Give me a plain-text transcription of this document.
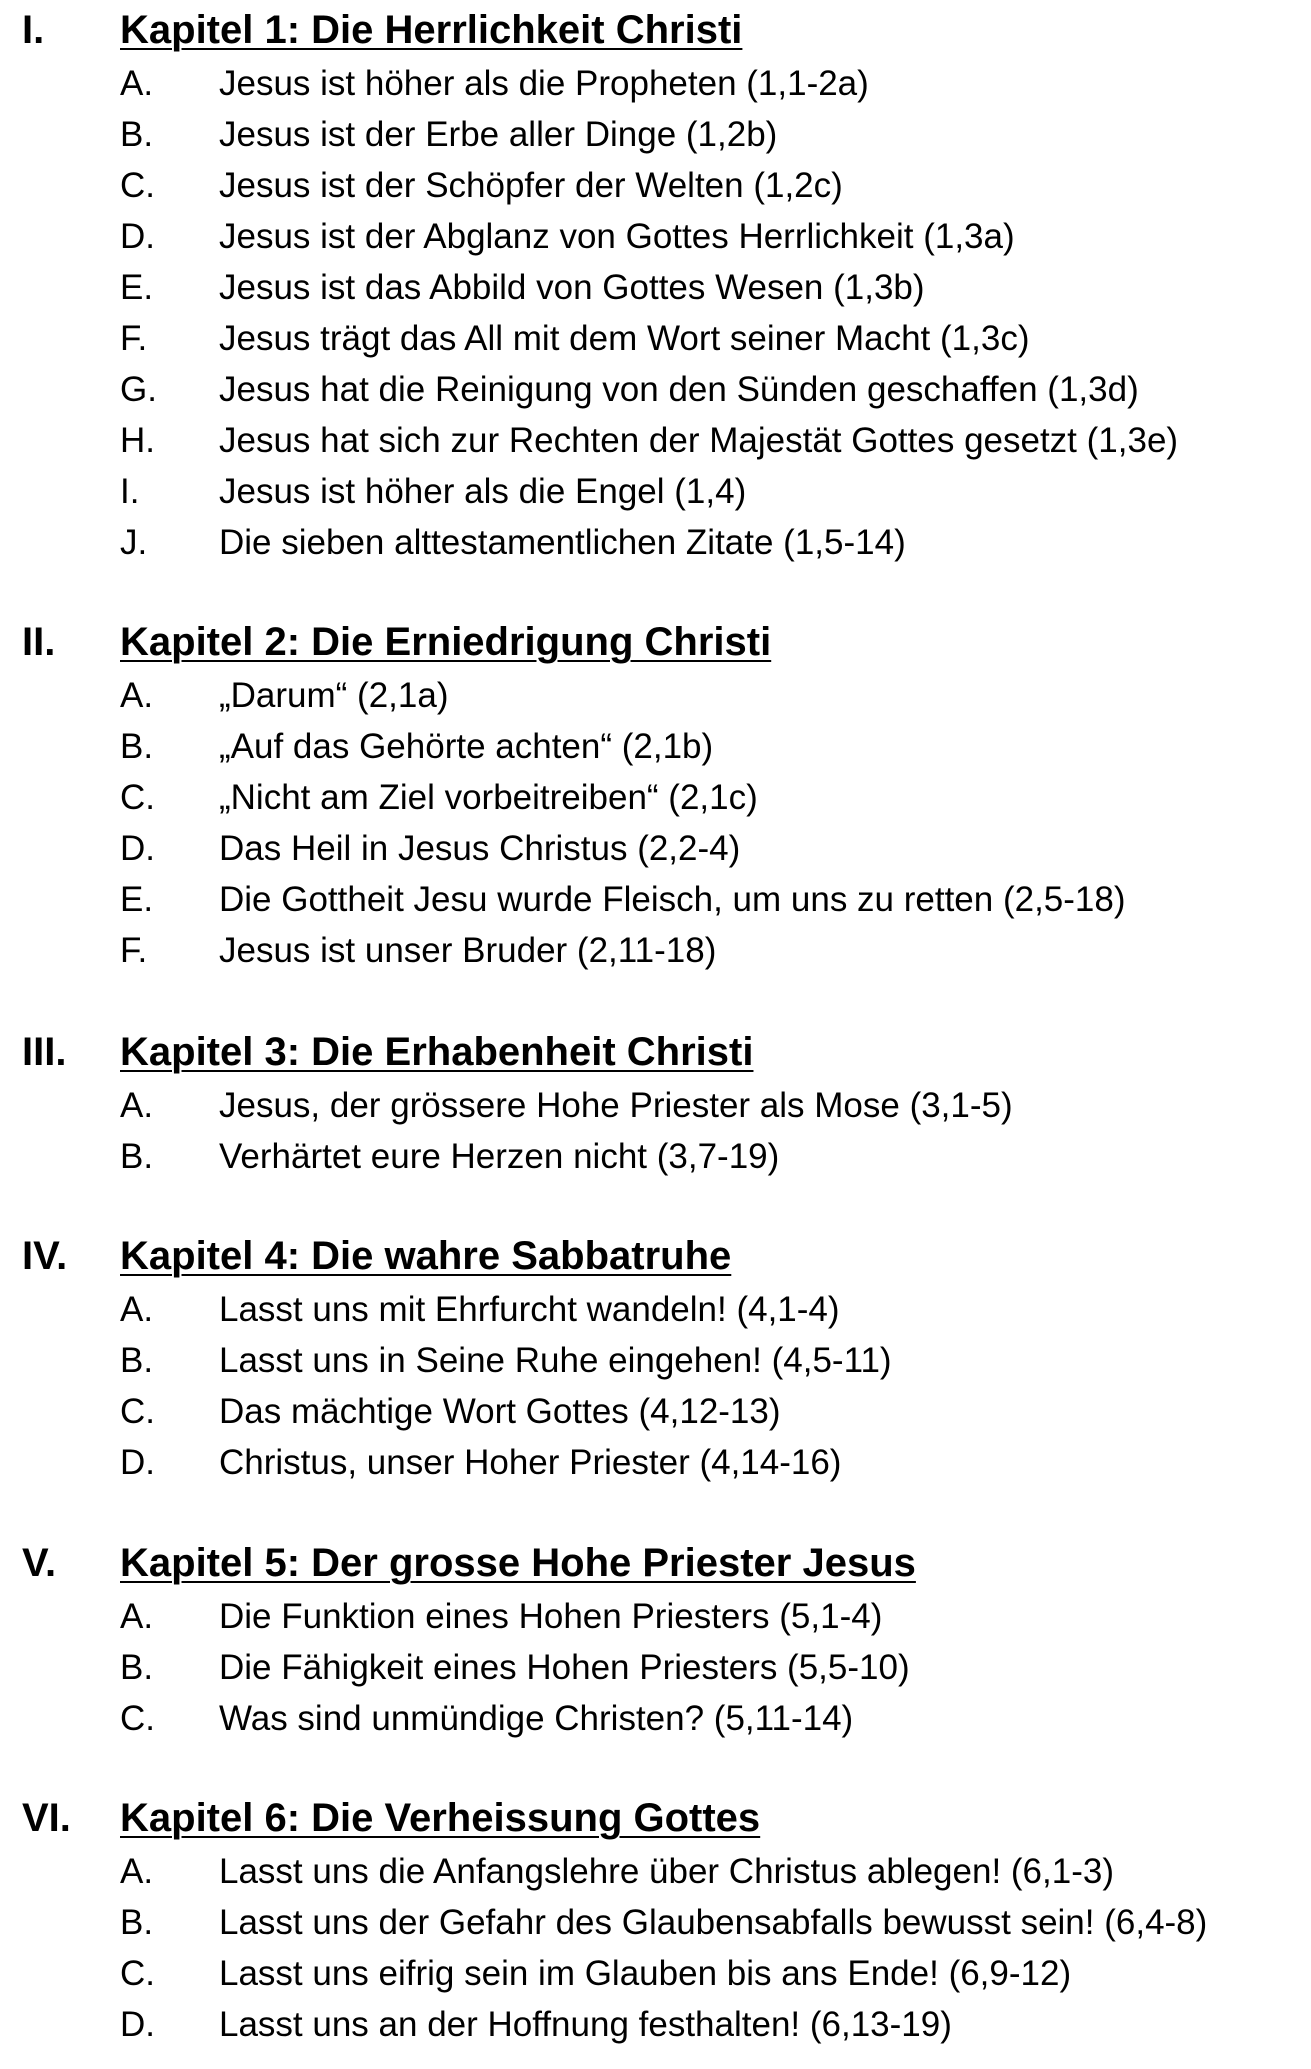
I. Kapitel 1: Die Herrlichkeit Christi
A. Jesus ist höher als die Propheten (1,1-2a)
B. Jesus ist der Erbe aller Dinge (1,2b)
C. Jesus ist der Schöpfer der Welten (1,2c)
D. Jesus ist der Abglanz von Gottes Herrlichkeit (1,3a)
E. Jesus ist das Abbild von Gottes Wesen (1,3b)
F. Jesus trägt das All mit dem Wort seiner Macht (1,3c)
G. Jesus hat die Reinigung von den Sünden geschaffen (1,3d)
H. Jesus hat sich zur Rechten der Majestät Gottes gesetzt (1,3e)
I. Jesus ist höher als die Engel (1,4)
J. Die sieben alttestamentlichen Zitate (1,5-14)
II. Kapitel 2: Die Erniedrigung Christi
A. „Darum“ (2,1a)
B. „Auf das Gehörte achten“ (2,1b)
C. „Nicht am Ziel vorbeitreiben“ (2,1c)
D. Das Heil in Jesus Christus (2,2-4)
E. Die Gottheit Jesu wurde Fleisch, um uns zu retten (2,5-18)
F. Jesus ist unser Bruder (2,11-18)
III. Kapitel 3: Die Erhabenheit Christi
A. Jesus, der grössere Hohe Priester als Mose (3,1-5)
B. Verhärtet eure Herzen nicht (3,7-19)
IV. Kapitel 4: Die wahre Sabbatruhe
A. Lasst uns mit Ehrfurcht wandeln! (4,1-4)
B. Lasst uns in Seine Ruhe eingehen! (4,5-11)
C. Das mächtige Wort Gottes (4,12-13)
D. Christus, unser Hoher Priester (4,14-16)
V. Kapitel 5: Der grosse Hohe Priester Jesus
A. Die Funktion eines Hohen Priesters (5,1-4)
B. Die Fähigkeit eines Hohen Priesters (5,5-10)
C. Was sind unmündige Christen? (5,11-14)
VI. Kapitel 6: Die Verheissung Gottes
A. Lasst uns die Anfangslehre über Christus ablegen! (6,1-3)
B. Lasst uns der Gefahr des Glaubensabfalls bewusst sein! (6,4-8)
C. Lasst uns eifrig sein im Glauben bis ans Ende! (6,9-12)
D. Lasst uns an der Hoffnung festhalten! (6,13-19)
